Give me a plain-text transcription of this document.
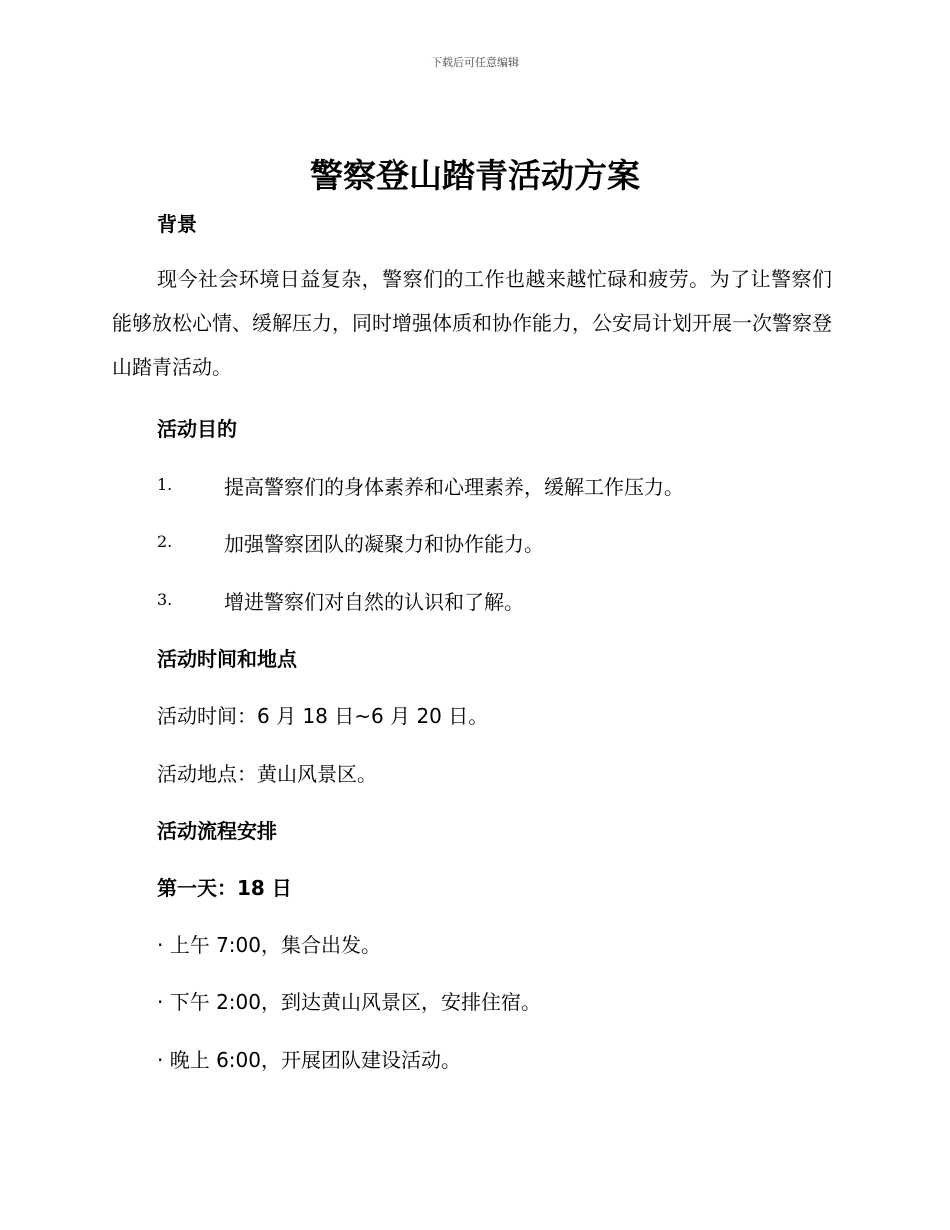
下载后可任意编辑
警察登山踏青活动方案
背景

现今社会环境日益复杂，警察们的工作也越来越忙碌和疲劳。为了让警察们能够放松心情、缓解压力，同时增强体质和协作能力，公安局计划开展一次警察登山踏青活动。

活动目的
1.	提高警察们的身体素养和心理素养，缓解工作压力。
2.	加强警察团队的凝聚力和协作能力。
3.	增进警察们对自然的认识和了解。
活动时间和地点
活动时间：6 月 18 日~6 月 20 日。
活动地点：黄山风景区。
活动流程安排
第一天：18 日
· 上午 7:00，集合出发。
· 下午 2:00，到达黄山风景区，安排住宿。
· 晚上 6:00，开展团队建设活动。
